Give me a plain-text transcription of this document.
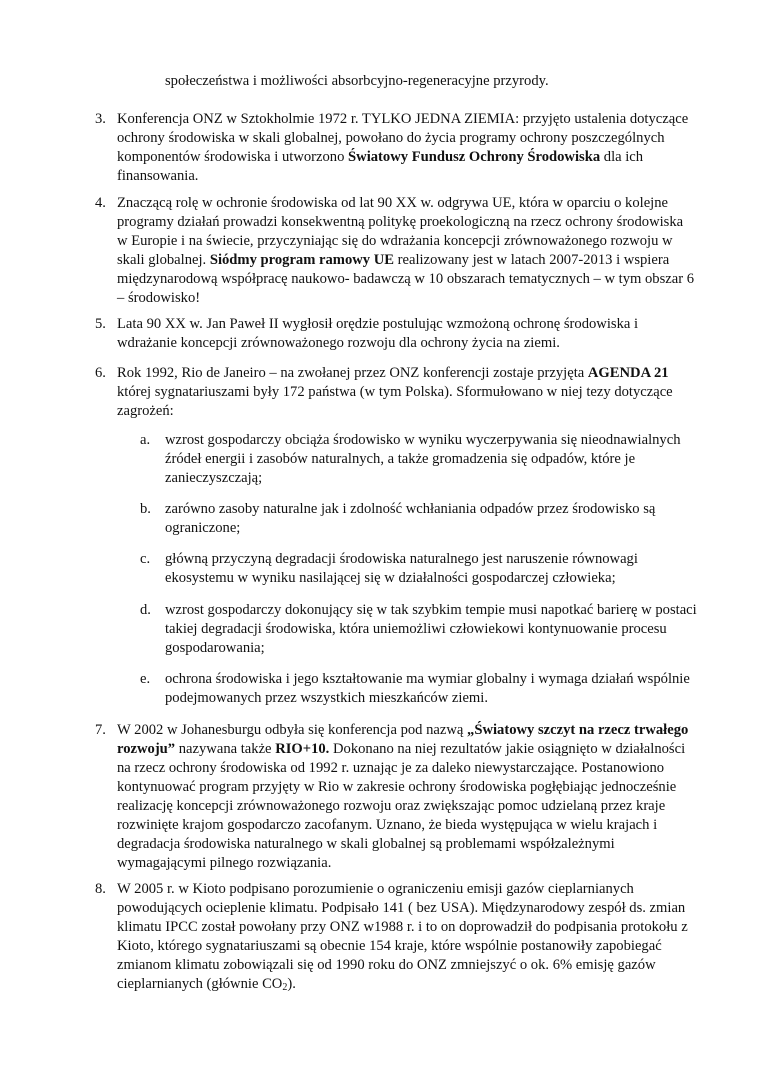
społeczeństwa i możliwości absorbcyjno-regeneracyjne przyrody.

3. Konferencja ONZ w Sztokholmie 1972 r. TYLKO JEDNA ZIEMIA: przyjęto ustalenia dotyczące ochrony środowiska w skali globalnej, powołano do życia programy ochrony poszczególnych komponentów środowiska i utworzono Światowy Fundusz Ochrony Środowiska dla ich finansowania.
4. Znaczącą rolę w ochronie środowiska od lat 90 XX w. odgrywa UE, która w oparciu o kolejne programy działań prowadzi konsekwentną politykę proekologiczną na rzecz ochrony środowiska w Europie i na świecie, przyczyniając się do wdrażania koncepcji zrównoważonego rozwoju w skali globalnej. Siódmy program ramowy UE realizowany jest w latach 2007-2013 i wspiera międzynarodową współpracę naukowo- badawczą w 10 obszarach tematycznych – w tym obszar 6 – środowisko!
5. Lata 90 XX w. Jan Paweł II wygłosił orędzie postulując wzmożoną ochronę środowiska i wdrażanie koncepcji zrównoważonego rozwoju dla ochrony życia na ziemi.
6. Rok 1992, Rio de Janeiro – na zwołanej przez ONZ konferencji zostaje przyjęta AGENDA 21 której sygnatariuszami były 172 państwa (w tym Polska). Sformułowano w niej tezy dotyczące zagrożeń:
7. W 2002 w Johanesburgu odbyła się konferencja pod nazwą „Światowy szczyt na rzecz trwałego rozwoju” nazywana także RIO+10. Dokonano na niej rezultatów jakie osiągnięto w działalności na rzecz ochrony środowiska od 1992 r. uznając je za daleko niewystarczające. Postanowiono kontynuować program przyjęty w Rio w zakresie ochrony środowiska pogłębiając jednocześnie realizację koncepcji zrównoważonego rozwoju oraz zwiększając pomoc udzielaną przez kraje rozwinięte krajom gospodarczo zacofanym. Uznano, że bieda występująca w wielu krajach i degradacja środowiska naturalnego w skali globalnej są problemami współzależnymi wymagającymi pilnego rozwiązania.
8. W 2005 r. w Kioto podpisano porozumienie o ograniczeniu emisji gazów cieplarnianych powodujących ocieplenie klimatu. Podpisało 141 ( bez USA). Międzynarodowy zespół ds. zmian klimatu IPCC został powołany przy ONZ w1988 r. i to on doprowadził do podpisania protokołu z Kioto, którego sygnatariuszami są obecnie 154 kraje, które wspólnie postanowiły zapobiegać zmianom klimatu zobowiązali się od 1990 roku do ONZ zmniejszyć o ok. 6% emisję gazów cieplarnianych (głównie CO2).
a.	wzrost gospodarczy obciąża środowisko w wyniku wyczerpywania się nieodnawialnych źródeł energii i zasobów naturalnych, a także gromadzenia się odpadów, które je zanieczyszczają;
b. zarówno zasoby naturalne jak i zdolność wchłaniania odpadów przez środowisko są ograniczone;
c.	główną przyczyną degradacji środowiska naturalnego jest naruszenie równowagi ekosystemu w wyniku nasilającej się w działalności gospodarczej człowieka;
d. wzrost gospodarczy dokonujący się w tak szybkim tempie musi napotkać barierę w postaci takiej degradacji środowiska, która uniemożliwi człowiekowi kontynuowanie procesu gospodarowania;
e.	ochrona środowiska i jego kształtowanie ma wymiar globalny i wymaga działań wspólnie podejmowanych przez wszystkich mieszkańców ziemi.
